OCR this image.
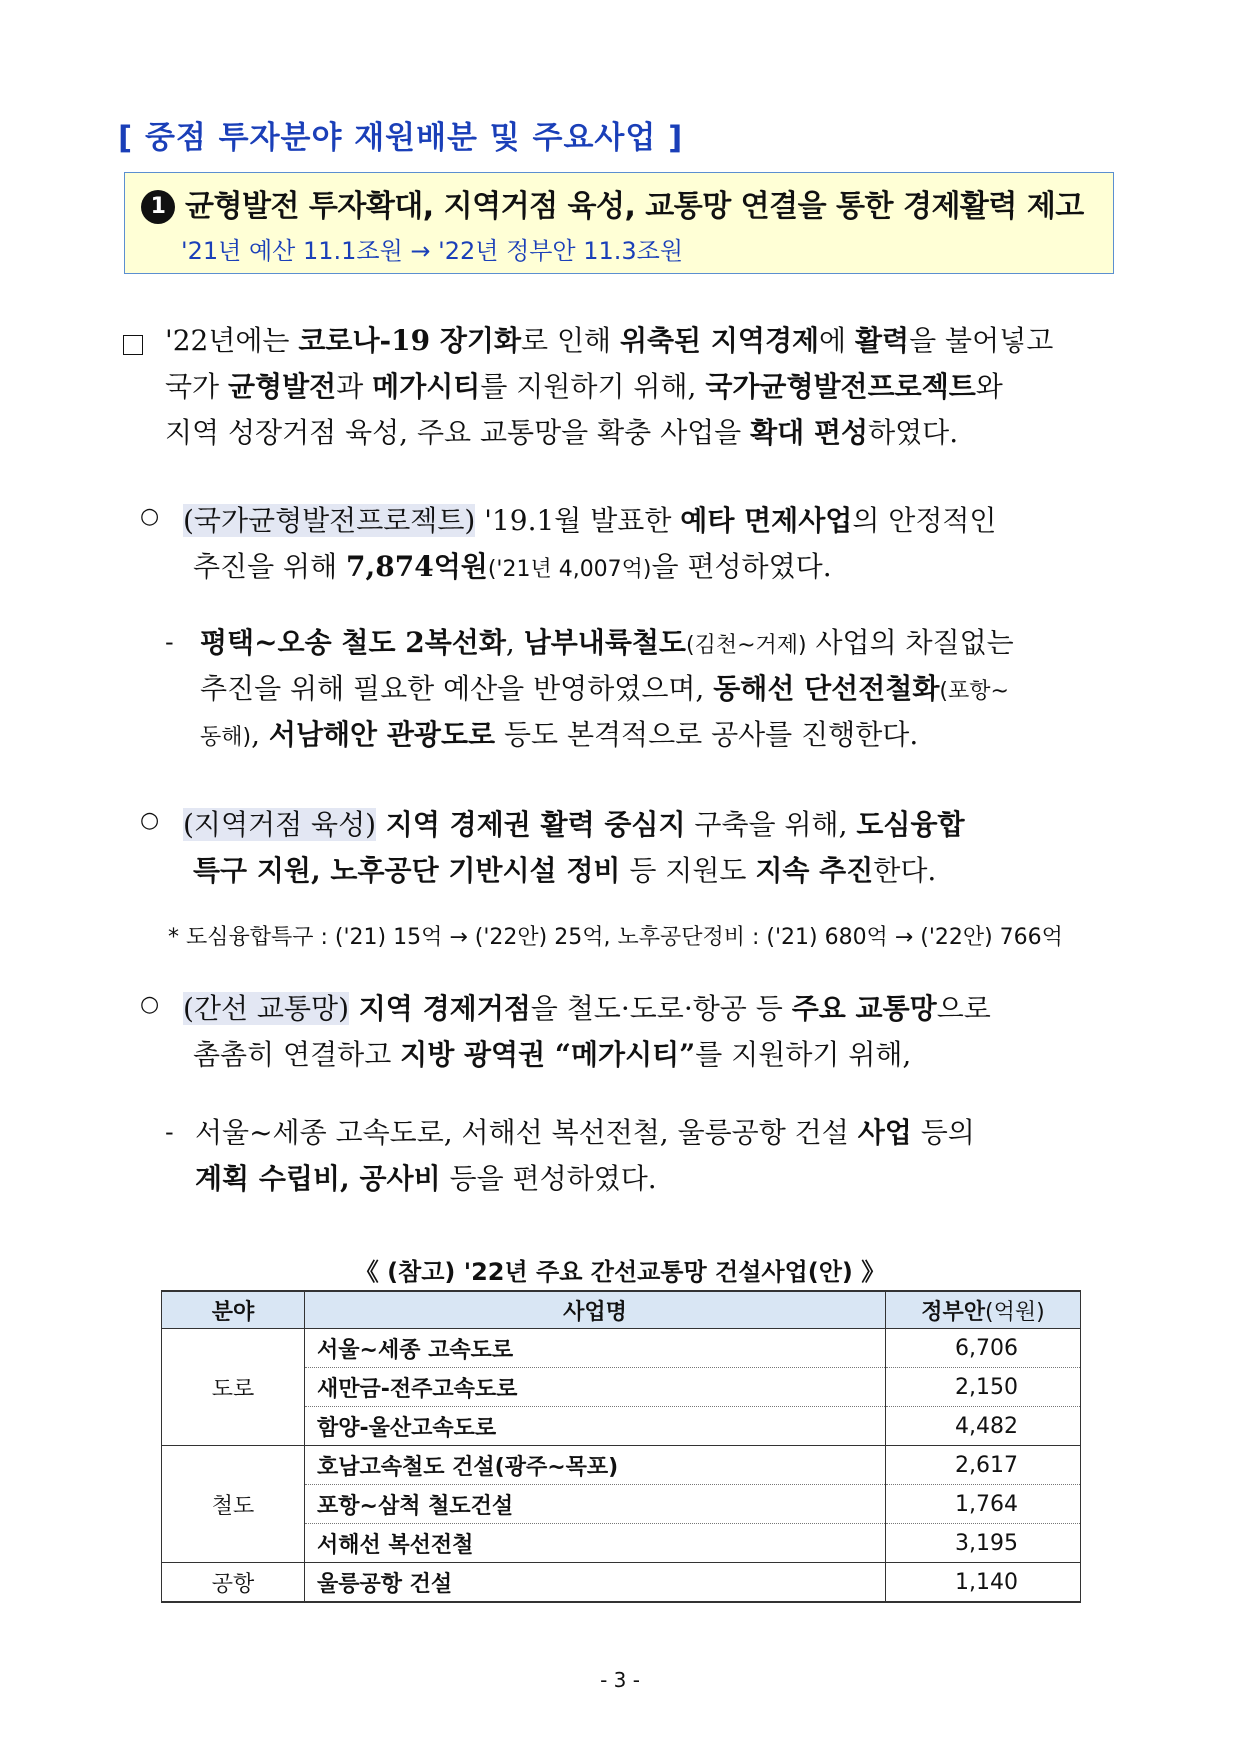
[ 중점 투자분야 재원배분 및 주요사업 ]
1 균형발전 투자확대, 지역거점 육성, 교통망 연결을 통한 경제활력 제고
'21년 예산 11.1조원 → '22년 정부안 11.3조원
'22년에는 코로나-19 장기화로 인해 위축된 지역경제에 활력을 불어넣고
국가 균형발전과 메가시티를 지원하기 위해, 국가균형발전프로젝트와
지역 성장거점 육성, 주요 교통망을 확충 사업을 확대 편성하였다.
○ (국가균형발전프로젝트) '19.1월 발표한 예타 면제사업의 안정적인
추진을 위해 7,874억원('21년 4,007억)을 편성하였다.
- 평택~오송 철도 2복선화, 남부내륙철도(김천~거제) 사업의 차질없는
추진을 위해 필요한 예산을 반영하였으며, 동해선 단선전철화(포항~
동해), 서남해안 관광도로 등도 본격적으로 공사를 진행한다.
○ (지역거점 육성) 지역 경제권 활력 중심지 구축을 위해, 도심융합
특구 지원, 노후공단 기반시설 정비 등 지원도 지속 추진한다.
* 도심융합특구 : ('21) 15억 → ('22안) 25억, 노후공단정비 : ('21) 680억 → ('22안) 766억
○ (간선 교통망) 지역 경제거점을 철도·도로·항공 등 주요 교통망으로
촘촘히 연결하고 지방 광역권 “메가시티”를 지원하기 위해,
- 서울~세종 고속도로, 서해선 복선전철, 울릉공항 건설 사업 등의
계획 수립비, 공사비 등을 편성하였다.
《 (참고) '22년 주요 간선교통망 건설사업(안) 》
분야	사업명	정부안(억원)
도로	서울~세종 고속도로	6,706
	새만금-전주고속도로	2,150
	함양-울산고속도로	4,482
철도	호남고속철도 건설(광주~목포)	2,617
	포항~삼척 철도건설	1,764
	서해선 복선전철	3,195
공항	울릉공항 건설	1,140
- 3 -
